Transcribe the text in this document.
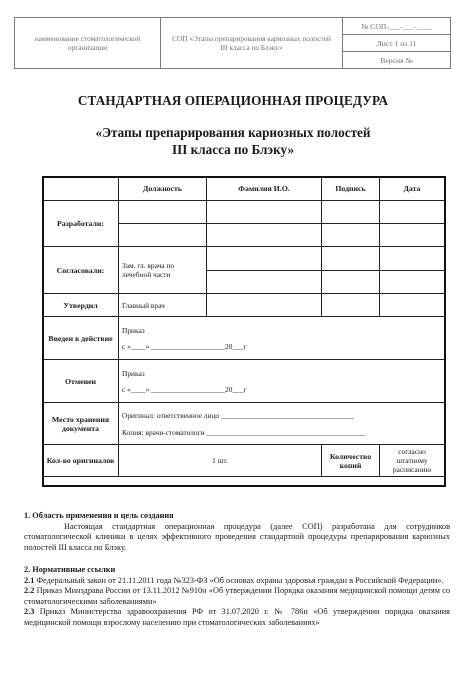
наименование стоматологической организации	СОП «Этапы препарирования кариозных полостей III класса по Блэку»	№ СОП-___-___-____
Лист 1 из 11
Версия №
СТАНДАРТНАЯ ОПЕРАЦИОННАЯ ПРОЦЕДУРА
«Этапы препарирования кариозных полостей
III класса по Блэку»
	Должность	Фамилия И.О.	Подпись	Дата
Разработали:				

Согласовали:	Зам. гл. врача по лечебной части			

Утвердил	Главный врач			
Введен в действие	Приказ
с «____» ____________________20___г			

Отменен	Приказ
с «____» ____________________20___г			

Место хранения документа	Оригинал: ответственное лицо ____________________________________
Копия: врачи-стоматологи ___________________________________________			

Кол-во оригиналов	1 шт.		Количество копий	согласно штатному расписанию

1. Область применения и цель создания

Настоящая стандартная операционная процедура (далее СОП) разработана для сотрудников стоматологической клиники в целях эффективного проведения стандартной процедуры препарирования кариозных полостей III класса по Блэку.

2. Нормативные ссылки

2.1 Федеральный закон от 21.11.2011 года №323-ФЗ «Об основах охраны здоровья граждан в Российской Федерации».

2.2 Приказ Минздрава России от 13.11.2012 №910н «Об утверждении Порядка оказания медицинской помощи детям со стоматологическими заболеваниями»

2.3 Приказ Министерства здравоохранения РФ от 31.07.2020 г. № 786н «Об утверждении порядка оказания медицинской помощи взрослому населению при стоматологических заболеваниях»
